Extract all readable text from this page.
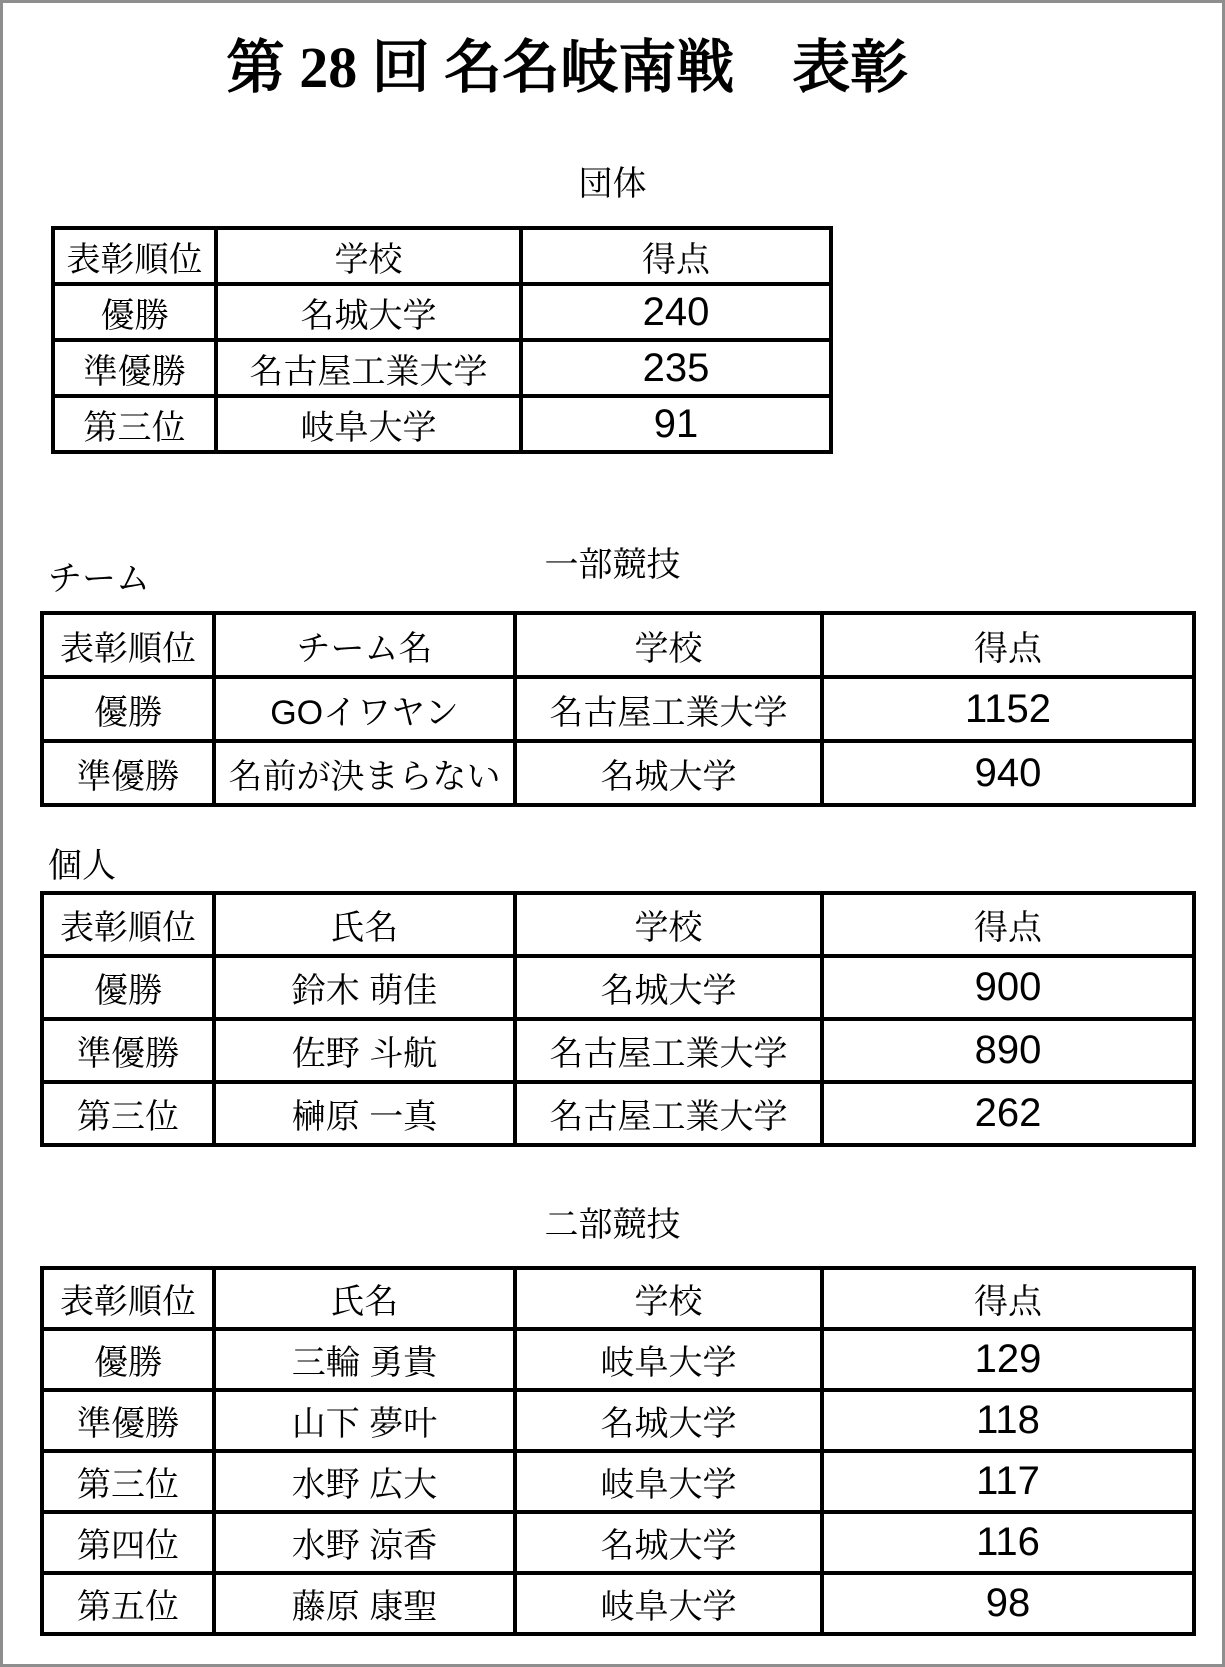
第 28 回 名名岐南戦　表彰
団体
表彰順位	学校	得点
優勝	名城大学	240
準優勝	名古屋工業大学	235
第三位	岐阜大学	91
一部競技
チーム
表彰順位	チーム名	学校	得点
優勝	GOイワヤン	名古屋工業大学	1152
準優勝	名前が決まらない	名城大学	940
個人
表彰順位	氏名	学校	得点
優勝	鈴木 萌佳	名城大学	900
準優勝	佐野 斗航	名古屋工業大学	890
第三位	榊原 一真	名古屋工業大学	262
二部競技
表彰順位	氏名	学校	得点
優勝	三輪 勇貴	岐阜大学	129
準優勝	山下 夢叶	名城大学	118
第三位	水野 広大	岐阜大学	117
第四位	水野 涼香	名城大学	116
第五位	藤原 康聖	岐阜大学	98
